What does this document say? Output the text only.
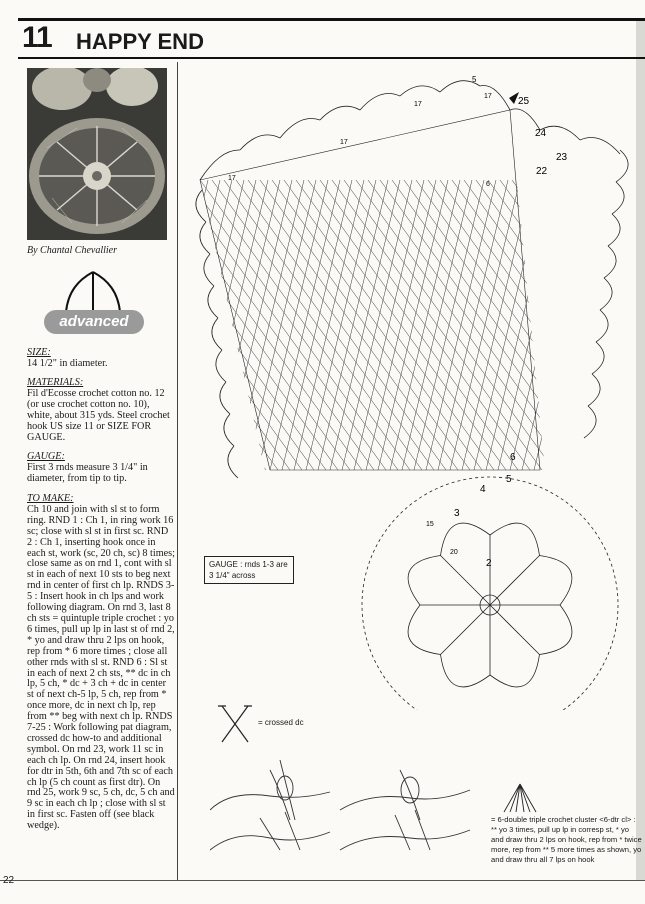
11 HAPPY END
By Chantal Chevallier
advanced

SIZE:

14 1/2" in diameter.

MATERIALS:

Fil d'Ecosse crochet cotton no. 12 (or use crochet cotton no. 10), white, about 315 yds. Steel crochet hook US size 11 or SIZE FOR GAUGE.

GAUGE:

First 3 rnds measure 3 1/4" in diameter, from tip to tip.

TO MAKE:

Ch 10 and join with sl st to form ring. RND 1 : Ch 1, in ring work 16 sc; close with sl st in first sc. RND 2 : Ch 1, inserting hook once in each st, work (sc, 20 ch, sc) 8 times; close same as on rnd 1, cont with sl st in each of next 10 sts to beg next rnd in center of first ch lp. RNDS 3-5 : Insert hook in ch lps and work following diagram. On rnd 3, last 8 ch sts = quintuple triple crochet : yo 6 times, pull up lp in last st of rnd 2, * yo and draw thru 2 lps on hook, rep from * 6 more times ; close all other rnds with sl st. RND 6 : Sl st in each of next 2 ch sts, ** dc in ch lp, 5 ch, * dc + 3 ch + dc in center st of next ch-5 lp, 5 ch, rep from * once more, dc in next ch lp, rep from ** beg with next ch lp. RNDS 7-25 : Work following pat diagram, crossed dc how-to and additional symbol. On rnd 23, work 11 sc in each ch lp. On rnd 24, insert hook for dtr in 5th, 6th and 7th sc of each ch lp (5 ch count as first dtr). On rnd 25, work 9 sc, 5 ch, dc, 5 ch and 9 sc in each ch lp ; close with sl st in first sc. Fasten off (see black wedge).

5
25
24
23
22
17
17
17
17
6
5
4
3
2
20
15
6
GAUGE : rnds 1-3 are 3 1/4" across
= crossed dc
= 6-double triple crochet cluster <6-dtr cl> : ** yo 3 times, pull up lp in corresp st, * yo and draw thru 2 lps on hook, rep from * twice more, rep from ** 5 more times as shown, yo and draw thru all 7 lps on hook
22
